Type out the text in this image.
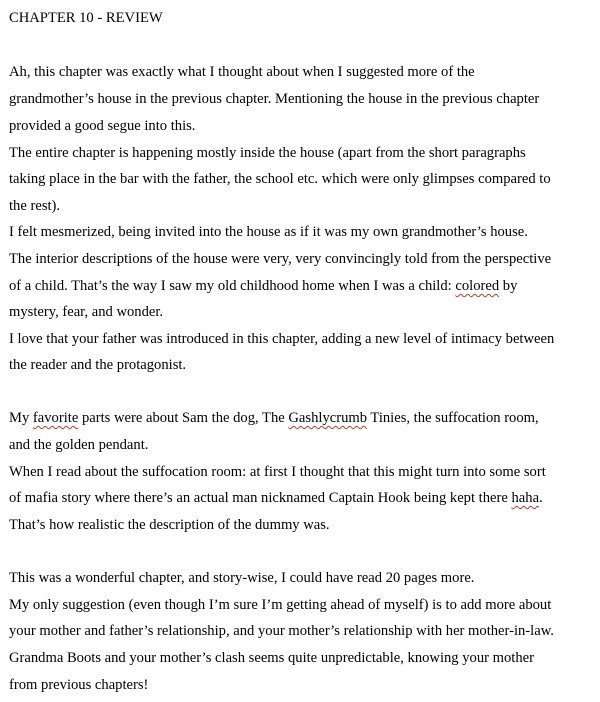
CHAPTER 10 - REVIEW
Ah, this chapter was exactly what I thought about when I suggested more of the
grandmother’s house in the previous chapter. Mentioning the house in the previous chapter
provided a good segue into this.
The entire chapter is happening mostly inside the house (apart from the short paragraphs
taking place in the bar with the father, the school etc. which were only glimpses compared to
the rest).
I felt mesmerized, being invited into the house as if it was my own grandmother’s house.
The interior descriptions of the house were very, very convincingly told from the perspective
of a child. That’s the way I saw my old childhood home when I was a child: colored by
mystery, fear, and wonder.
I love that your father was introduced in this chapter, adding a new level of intimacy between
the reader and the protagonist.
My favorite parts were about Sam the dog, The Gashlycrumb Tinies, the suffocation room,
and the golden pendant.
When I read about the suffocation room: at first I thought that this might turn into some sort
of mafia story where there’s an actual man nicknamed Captain Hook being kept there haha.
That’s how realistic the description of the dummy was.
This was a wonderful chapter, and story-wise, I could have read 20 pages more.
My only suggestion (even though I’m sure I’m getting ahead of myself) is to add more about
your mother and father’s relationship, and your mother’s relationship with her mother-in-law.
Grandma Boots and your mother’s clash seems quite unpredictable, knowing your mother
from previous chapters!
